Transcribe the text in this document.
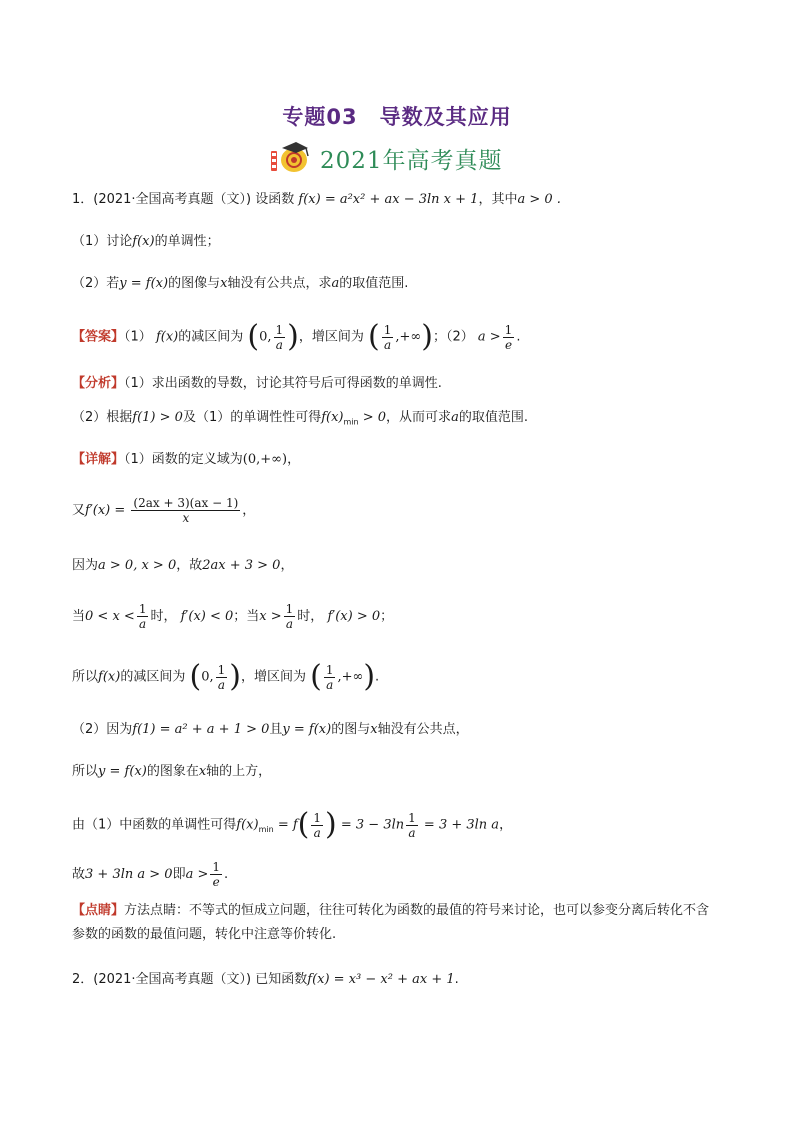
专题03　导数及其应用
2021年高考真题
1．(2021·全国高考真题（文）) 设函数 f(x) = a²x² + ax − 3ln x + 1，其中a > 0 .
（1）讨论f(x)的单调性；
（2）若y = f(x)的图像与x轴没有公共点，求a的取值范围.
【答案】（1） f(x)的减区间为 (0, $\frac{1}{a}$ )，增区间为 ( $\frac{1}{a}$ ,+∞)；（2） $a > \frac{1}{e}$ .
【分析】（1）求出函数的导数，讨论其符号后可得函数的单调性.
（2）根据f(1) > 0及（1）的单调性性可得$f(x)_{min} > 0$，从而可求a的取值范围.
【详解】（1）函数的定义域为(0,+∞)，
又$f'(x) = \frac{(2ax + 3)(ax - 1)}{x}$ ，
因为a > 0, x > 0，故2ax + 3 > 0，
当$0 < x < \frac{1}{a}$ 时， f′(x) < 0；当$x > \frac{1}{a}$ 时， f′(x) > 0；
所以f(x)的减区间为 (0, $\frac{1}{a}$ )，增区间为 ( $\frac{1}{a}$ ,+∞).
（2）因为f(1) = a² + a + 1 > 0且y = f(x)的图与x轴没有公共点，
所以y = f(x)的图象在x轴的上方，
由（1）中函数的单调性可得$f(x)_{min} = f( \frac{1}{a}$ ) = $3 - 3\ln \frac{1}{a} = 3 + 3\ln$ a，
故3 + 3ln a > 0即$a > \frac{1}{e}$ .
【点睛】方法点睛：不等式的恒成立问题，往往可转化为函数的最值的符号来讨论，也可以参变分离后转化不含参数的函数的最值问题，转化中注意等价转化.
2．(2021·全国高考真题（文）) 已知函数f(x) = x³ − x² + ax + 1.
